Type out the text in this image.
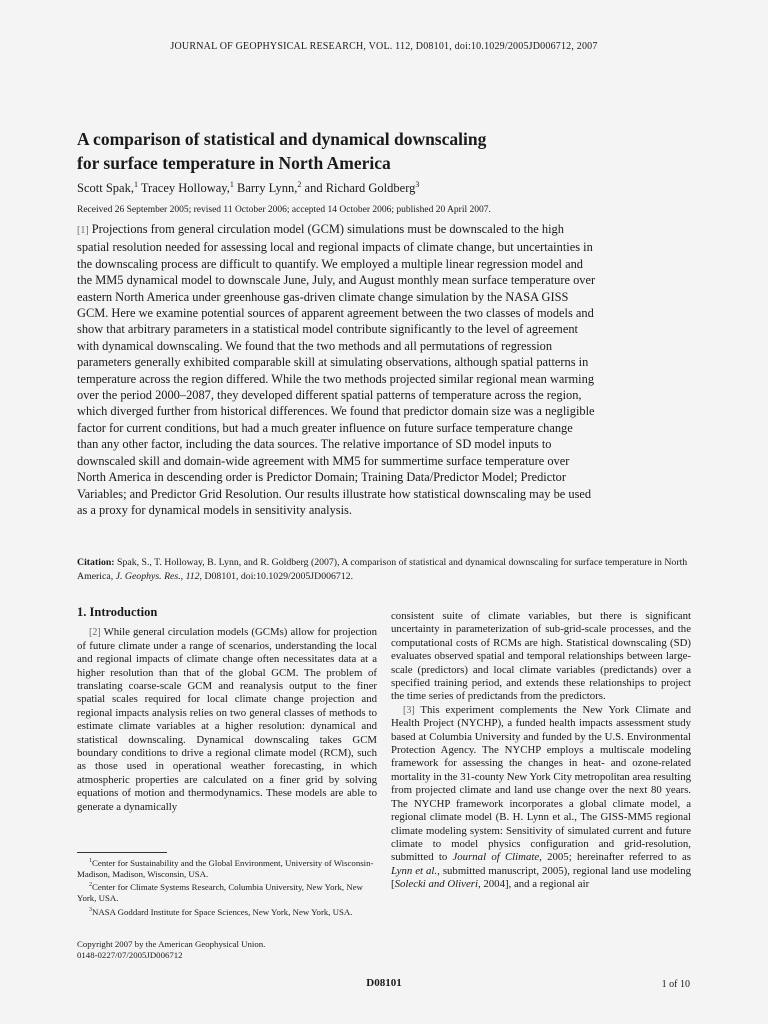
JOURNAL OF GEOPHYSICAL RESEARCH, VOL. 112, D08101, doi:10.1029/2005JD006712, 2007
A comparison of statistical and dynamical downscaling
for surface temperature in North America
Scott Spak,$^1$ Tracey Holloway,$^1$ Barry Lynn,$^2$ and Richard Goldberg$^3$
Received 26 September 2005; revised 11 October 2006; accepted 14 October 2006; published 20 April 2007.

[1] Projections from general circulation model (GCM) simulations must be downscaled to the high spatial resolution needed for assessing local and regional impacts of climate change, but uncertainties in the downscaling process are difficult to quantify. We employed a multiple linear regression model and the MM5 dynamical model to downscale June, July, and August monthly mean surface temperature over eastern North America under greenhouse gas-driven climate change simulation by the NASA GISS GCM. Here we examine potential sources of apparent agreement between the two classes of models and show that arbitrary parameters in a statistical model contribute significantly to the level of agreement with dynamical downscaling. We found that the two methods and all permutations of regression parameters generally exhibited comparable skill at simulating observations, although spatial patterns in temperature across the region differed. While the two methods projected similar regional mean warming over the period 2000–2087, they developed different spatial patterns of temperature across the region, which diverged further from historical differences. We found that predictor domain size was a negligible factor for current conditions, but had a much greater influence on future surface temperature change than any other factor, including the data sources. The relative importance of SD model inputs to downscaled skill and domain-wide agreement with MM5 for summertime surface temperature over North America in descending order is Predictor Domain; Training Data/Predictor Model; Predictor Variables; and Predictor Grid Resolution. Our results illustrate how statistical downscaling may be used as a proxy for dynamical models in sensitivity analysis.

Citation: Spak, S., T. Holloway, B. Lynn, and R. Goldberg (2007), A comparison of statistical and dynamical downscaling for surface temperature in North America, J. Geophys. Res., 112, D08101, doi:10.1029/2005JD006712.

1. Introduction

[2] While general circulation models (GCMs) allow for projection of future climate under a range of scenarios, understanding the local and regional impacts of climate change often necessitates data at a higher resolution than that of the global GCM. The problem of translating coarse-scale GCM and reanalysis output to the finer spatial scales required for local climate change projection and regional impacts analysis relies on two general classes of methods to estimate climate variables at a higher resolution: dynamical and statistical downscaling. Dynamical downscaling takes GCM boundary conditions to drive a regional climate model (RCM), such as those used in operational weather forecasting, in which atmospheric properties are calculated on a finer grid by solving equations of motion and thermodynamics. These models are able to generate a dynamically

consistent suite of climate variables, but there is significant uncertainty in parameterization of sub-grid-scale processes, and the computational costs of RCMs are high. Statistical downscaling (SD) evaluates observed spatial and temporal relationships between large-scale (predictors) and local climate variables (predictands) over a specified training period, and extends these relationships to project the time series of predictands from the predictors.

[3] This experiment complements the New York Climate and Health Project (NYCHP), a funded health impacts assessment study based at Columbia University and funded by the U.S. Environmental Protection Agency. The NYCHP employs a multiscale modeling framework for assessing the changes in heat- and ozone-related mortality in the 31-county New York City metropolitan area resulting from projected climate and land use change over the next 80 years. The NYCHP framework incorporates a global climate model, a regional climate model (B. H. Lynn et al., The GISS-MM5 regional climate modeling system: Sensitivity of simulated current and future climate to model physics configuration and grid-resolution, submitted to Journal of Climate, 2005; hereinafter referred to as Lynn et al., submitted manuscript, 2005), regional land use modeling [Solecki and Oliveri, 2004], and a regional air

$^1$Center for Sustainability and the Global Environment, University of Wisconsin-Madison, Madison, Wisconsin, USA.

$^2$Center for Climate Systems Research, Columbia University, New York, New York, USA.

$^3$NASA Goddard Institute for Space Sciences, New York, New York, USA.

Copyright 2007 by the American Geophysical Union.
0148-0227/07/2005JD006712
D08101	1 of 10
